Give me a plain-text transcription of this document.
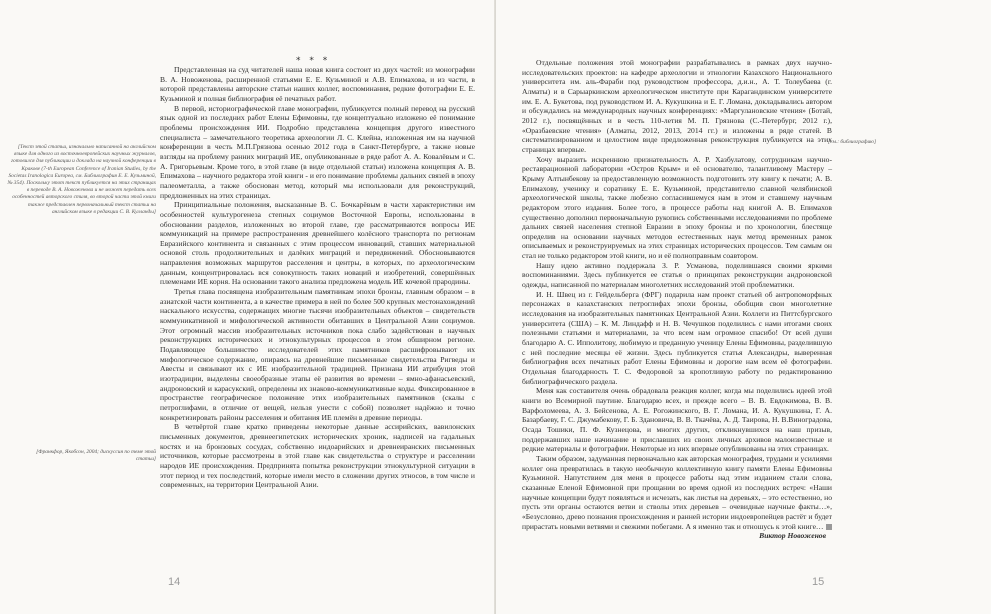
* * *

[Текст этой статьи, изначально написанной на английском языке для одного из восточноевропейских научных журналов, готовился для публикации и доклада на научной конференции в Кракове (7-th European Conference of Iranian Studies, by the Societas Iranologica Europea, см. Библиография Е. Е. Кузьминой, № 354). Поскольку этот текст публикуется на этих страницах в переводе В. А. Новоженова и не может передать всех особенностей авторского стиля, во второй части этой книги также представлен первоначальный текст статьи на английском языке в редакции С. В. Кулланды]

[Франкфор, Якобсон, 2004; дискуссия по теме этой статьи]

Представленная на суд читателей наша новая книга состоит из двух частей: из монографии В. А. Новоженова, расширенной статьями Е. Е. Кузьминой и А.В. Епимахова, и из части, в которой представлены авторские статьи наших коллег, воспоминания, редкие фотографии Е. Е. Кузьминой и полная библиография её печатных работ.

В первой, историографической главе монографии, публикуется полный перевод на русский язык одной из последних работ Елены Ефимовны, где концептуально изложено её понимание проблемы происхождения ИИ. Подробно представлена концепция другого известного специалиста – замечательного теоретика археологии Л. С. Клейна, изложенная им на научной конференции в честь М.П.Грязнова осенью 2012 года в Санкт-Петербурге, а также новые взгляды на проблему ранних миграций ИЕ, опубликованные в ряде работ А. А. Ковалёвым и С. А. Григорьевым. Кроме того, в этой главе (в виде отдельной статьи) изложена концепция А. В. Епимахова – научного редактора этой книги - и его понимание проблемы дальних связей в эпоху палеометалла, а также обоснован метод, который мы использовали для реконструкций, предложенных на этих страницах.

Принципиальные положения, высказанные В. С. Бочкарёвым в части характеристики им особенностей культурогенеза степных социумов Восточной Европы, использованы в обосновании разделов, изложенных во второй главе, где рассматриваются вопросы ИЕ коммуникаций на примере распространения древнейшего колёсного транспорта по регионам Евразийского континента и связанных с этим процессом инноваций, ставших материальной основой столь продолжительных и далёких миграций и передвижений. Обосновываются направления возможных маршрутов расселения и центры, в которых, по археологическим данным, концентрировалась вся совокупность таких новаций и изобретений, совершённых племенами ИЕ корня. На основании такого анализа предложена модель ИЕ кочевой прародины.

Третья глава посвящена изобразительным памятникам эпохи бронзы, главным образом – в азиатской части континента, а в качестве примера в ней по более 500 крупных местонахождений наскального искусства, содержащих многие тысячи изобразительных объектов – свидетельств коммуникативной и мифологической активности обитавших в Центральной Азии социумов. Этот огромный массив изобразительных источников пока слабо задействован в научных реконструкциях исторических и этнокультурных процессов в этом обширном регионе. Подавляющее большинство исследователей этих памятников расшифровывают их мифологическое содержание, опираясь на древнейшие письменные свидетельства Ригведы и Авесты и связывают их с ИЕ изобразительной традицией. Признана ИИ атрибуция этой изотрадиции, выделены своеобразные этапы её развития во времени – ямно-афанасьевский, андроновский и карасукский, определены их знаково-коммуникативные коды. Фиксированное в пространстве географическое положение этих изобразительных памятников (скалы с петроглифами, в отличие от вещей, нельзя унести с собой) позволяет надёжно и точно конкретизировать районы расселения и обитания ИЕ племён в древние периоды.

В четвёртой главе кратко приведены некоторые данные ассирийских, вавилонских письменных документов, древнеегипетских исторических хроник, надписей на гадальных костях и на бронзовых сосудах, собственно индоарийских и древнеиранских письменных источников, которые рассмотрены в этой главе как свидетельства о структуре и расселении народов ИЕ происхождения. Предпринята попытка реконструкции этнокультурной ситуации в этот период и тех последствий, которые имели место в сложении других этносов, в том числе и современных, на территории Центральной Азии.

14

[см.: библиографию]

Отдельные положения этой монографии разрабатывались в рамках двух научно-исследовательских проектов: на кафедре археологии и этнологии Казахского Национального университета им. аль-Фараби под руководством профессора, д.и.н., А. Т. Толеубаева (г. Алматы) и в Сарыаркинском археологическом институте при Карагандинском университете им. Е. А. Букетова, под руководством И. А. Кукушкина и Е. Г. Ломана, докладывались автором и обсуждались на международных научных конференциях: «Маргулановские чтения» (Ботай, 2012 г.), посвящённых и в честь 110-летия М. П. Грязнова (С.-Петербург, 2012 г.), «Оразбаевские чтения» (Алматы, 2012, 2013, 2014 гг.) и изложены в ряде статей. В систематизированном и целостном виде предложенная реконструкция публикуется на этих страницах впервые.

Хочу выразить искреннюю признательность А. Р. Хазбулатову, сотрудникам научно-реставрационной лаборатории «Остров Крым» и её основателю, талантливому Мастеру – Крыму Алтынбекову за предоставленную возможность подготовить эту книгу к печати; А. В. Епимахову, ученику и соратнику Е. Е. Кузьминой, представителю славной челябинской археологической школы, также любезно согласившемуся нам в этом и ставшему научным редактором этого издания. Более того, в процессе работы над книгой А. В. Епимахов существенно дополнил первоначальную рукопись собственными исследованиями по проблеме дальних связей населения степной Евразии в эпоху бронзы и по хронологии, блестяще определив на основании научных методов естественных наук метод временных рамок описываемых и реконструируемых на этих страницах исторических процессов. Тем самым он стал не только редактором этой книги, но и её полноправным соавтором.

Нашу идею активно поддержала З. Р. Усманова, поделившаяся своими яркими воспоминаниями. Здесь публикуется ее статья о принципах реконструкции андроновской одежды, написанной по материалам многолетних исследований этой проблематики.

И. Н. Швец из г. Гейдельберга (ФРГ) подарила нам проект статьей об антропоморфных персонажах в казахстанских петроглифах эпохи бронзы, обобщив свои многолетние исследования на изобразительных памятниках Центральной Азии. Коллеги из Питтсбургского университета (США) – К. М. Линдафф и Н. В. Чечушков поделились с нами итогами своих полезными статьями и материалами, за что всем нам огромное спасибо! От всей души благодарю А. С. Ипполитову, любимую и преданную ученицу Елены Ефимовны, разделившую с ней последние месяцы её жизни. Здесь публикуется статья Александры, выверенная библиография всех печатных работ Елены Ефимовны и дорогие нам всем её фотографии. Отдельная благодарность Т. С. Федоровой за кропотливую работу по редактированию библиографического раздела.

Меня как составителя очень обрадовала реакция коллег, когда мы поделились идеей этой книги во Всемирной паутине. Благодарю всех, и прежде всего – В. В. Евдокимова, В. В. Варфоломеева, А. З. Бейсенова, А. Е. Рогожинского, В. Г. Ломана, И. А. Кукушкина, Г. А. Базарбаеву, Г. С. Джумабекову, Г. Б. Здановича, В. В. Ткачёва, А. Д. Таирова, Н. В.Виноградова, Осада Тошики, П. Ф. Кузнецова, и многих других, откликнувшихся на наш призыв, поддержавших наше начинание и приславших из своих личных архивов малоизвестные и редкие материалы и фотографии. Некоторые из них впервые опубликованы на этих страницах.

Таким образом, задуманная первоначально как авторская монография, трудами и усилиями коллег она превратилась в такую необычную коллективную книгу памяти Елены Ефимовны Кузьминой. Напутствием для меня в процессе работы над этим изданием стали слова, сказанные Еленой Ефимовной при прощании во время одной из последних встреч: «Наши научные концепции будут появляться и исчезать, как листья на деревьях, – это естественно, но пусть эти органы остаются ветви и стволы этих деревьев – очевидные научные факты…», «Безусловно, древо познания происхождения и ранней истории индоевропейцев растёт и будет прирастать новыми ветвями и свежими побегами. А я именно так и отношусь к этой книге…

Виктор Новоженов

15
